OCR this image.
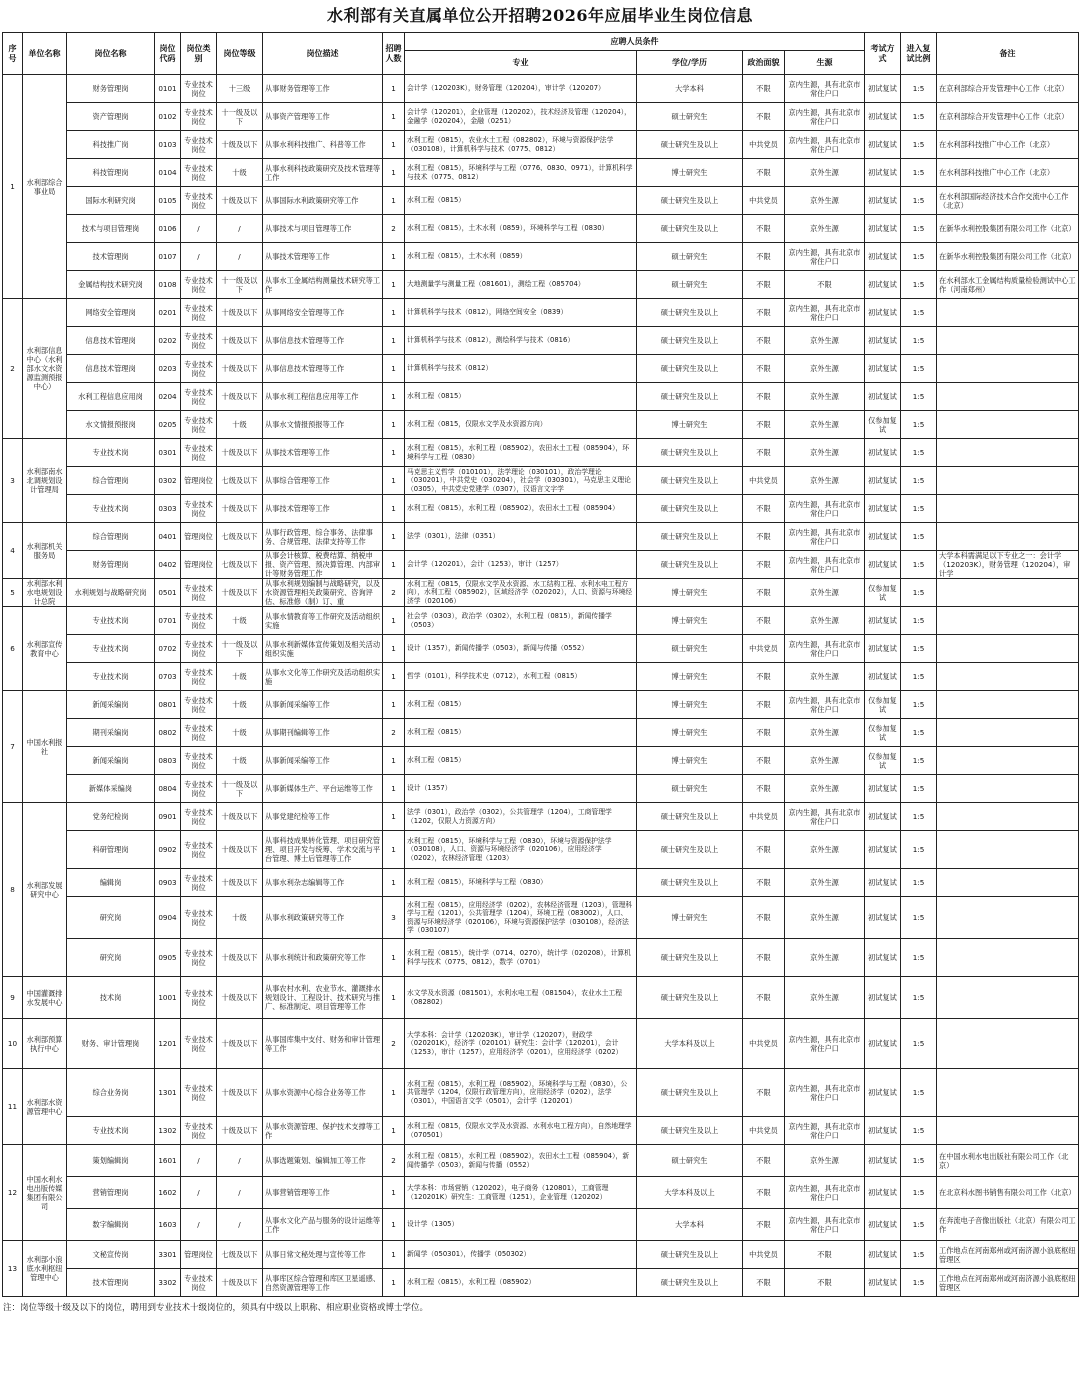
水利部有关直属单位公开招聘2026年应届毕业生岗位信息
序号	单位名称	岗位名称	岗位代码	岗位类别	岗位等级	岗位描述	招聘人数	应聘人员条件				考试方式	进入复试比例	备注
								专业	学位/学历	政治面貌	生源			
1	水利部综合事业局	财务管理岗	0101	专业技术岗位	十三级	从事财务管理等工作	1	会计学（120203K），财务管理（120204），审计学（120207）	大学本科	不限	京内生源，具有北京市常住户口	初试复试	1:5	在京利部综合开发管理中心工作（北京）
		资产管理岗	0102	专业技术岗位	十一级及以下	从事资产管理等工作	1	会计学（120201），企业管理（120202），技术经济及管理（120204），金融学（020204），金融（0251）	硕士研究生	不限	京内生源，具有北京市常住户口	初试复试	1:5	在京利部综合开发管理中心工作（北京）
		科技推广岗	0103	专业技术岗位	十级及以下	从事水利科技推广、科普等工作	1	水利工程（0815），农业水土工程（082802），环境与资源保护法学（030108），计算机科学与技术（0775、0812）	硕士研究生及以上	中共党员	京内生源，具有北京市常住户口	初试复试	1:5	在水利部科技推广中心工作（北京）
		科技管理岗	0104	专业技术岗位	十级	从事水利科技政策研究及技术管理等工作	1	水利工程（0815），环境科学与工程（0776、0830、0971），计算机科学与技术（0775、0812）	博士研究生	不限	京外生源	初试复试	1:5	在水利部科技推广中心工作（北京）
		国际水利研究岗	0105	专业技术岗位	十级及以下	从事国际水利政策研究等工作	1	水利工程（0815）	硕士研究生及以上	中共党员	京外生源	初试复试	1:5	在水利部国际经济技术合作交流中心工作（北京）
		技术与项目管理岗	0106	/	/	从事技术与项目管理等工作	2	水利工程（0815），土木水利（0859），环境科学与工程（0830）	硕士研究生及以上	不限	京外生源	初试复试	1:5	在新华水利控股集团有限公司工作（北京）
		技术管理岗	0107	/	/	从事技术管理等工作	1	水利工程（0815），土木水利（0859）	硕士研究生	不限	京内生源，具有北京市常住户口	初试复试	1:5	在新华水利控股集团有限公司工作（北京）
		金属结构技术研究岗	0108	专业技术岗位	十一级及以下	从事水工金属结构测量技术研究等工作	1	大地测量学与测量工程（081601），测绘工程（085704）	硕士研究生	不限	不限	初试复试	1:5	在水利部水工金属结构质量检验测试中心工作（河南郑州）
2	水利部信息中心（水利部水文水资源监测预报中心）	网络安全管理岗	0201	专业技术岗位	十级及以下	从事网络安全管理等工作	1	计算机科学与技术（0812），网络空间安全（0839）	硕士研究生及以上	不限	京内生源，具有北京市常住户口	初试复试	1:5	
		信息技术管理岗	0202	专业技术岗位	十级及以下	从事信息技术管理等工作	1	计算机科学与技术（0812），测绘科学与技术（0816）	硕士研究生及以上	不限	京外生源	初试复试	1:5	
		信息技术管理岗	0203	专业技术岗位	十级及以下	从事信息技术管理等工作	1	计算机科学与技术（0812）	硕士研究生及以上	不限	京外生源	初试复试	1:5	
		水利工程信息应用岗	0204	专业技术岗位	十级及以下	从事水利工程信息应用等工作	1	水利工程（0815）	硕士研究生及以上	不限	京外生源	初试复试	1:5	
		水文情报预报岗	0205	专业技术岗位	十级	从事水文情报预报等工作	1	水利工程（0815，仅限水文学及水资源方向）	博士研究生	不限	京外生源	仅参加复试	1:5	
3	水利部南水北调规划设计管理局	专业技术岗	0301	专业技术岗位	十级及以下	从事技术管理等工作	1	水利工程（0815），水利工程（085902），农田水土工程（085904），环境科学与工程（0830）	硕士研究生及以上	不限	京外生源	初试复试	1:5	
		综合管理岗	0302	管理岗位	七级及以下	从事综合管理等工作	1	马克思主义哲学（010101），法学理论（030101），政治学理论（030201），中共党史（030204），社会学（030301），马克思主义理论（0305），中共党史党建学（0307），汉语言文字学	硕士研究生及以上	中共党员	京外生源	初试复试	1:5	
		专业技术岗	0303	专业技术岗位	十级及以下	从事技术管理等工作	1	水利工程（0815），水利工程（085902），农田水土工程（085904）	硕士研究生及以上	不限	京内生源，具有北京市常住户口	初试复试	1:5	
4	水利部机关服务局	综合管理岗	0401	管理岗位	七级及以下	从事行政管理、综合事务、法律事务、合规管理、法律支持等工作	1	法学（0301），法律（0351）	硕士研究生及以上	不限	京内生源，具有北京市常住户口	初试复试	1:5	
		财务管理岗	0402	管理岗位	七级及以下	从事会计核算、税费结算、纳税申报、资产管理、预决算管理、内部审计等财务管理工作	1	会计学（120201），会计（1253），审计（1257）	硕士研究生及以上	不限	京内生源，具有北京市常住户口	初试复试	1:5	大学本科需满足以下专业之一：会计学（120203K），财务管理（120204），审计学
5	水利部水利水电规划设计总院	水利规划与战略研究岗	0501	专业技术岗位	十级及以下	从事水利规划编制与战略研究，以及水资源管理相关政策研究、咨询评估、标准修（制）订、重	2	水利工程（0815，仅限水文学及水资源、水工结构工程、水利水电工程方向），水利工程（085902），区域经济学（020202），人口、资源与环境经济学（020106）	博士研究生	不限	京外生源	仅参加复试	1:5	
6	水利部宣传教育中心	专业技术岗	0701	专业技术岗位	十级	从事水情教育等工作研究及活动组织实施	1	社会学（0303），政治学（0302），水利工程（0815），新闻传播学（0503）	博士研究生	不限	京外生源	初试复试	1:5	
		专业技术岗	0702	专业技术岗位	十一级及以下	从事水利新媒体宣传策划及相关活动组织实施	1	设计（1357），新闻传播学（0503），新闻与传播（0552）	硕士研究生	中共党员	京内生源，具有北京市常住户口	初试复试	1:5	
		专业技术岗	0703	专业技术岗位	十级	从事水文化等工作研究及活动组织实施	1	哲学（0101），科学技术史（0712），水利工程（0815）	博士研究生	不限	京外生源	初试复试	1:5	
7	中国水利报社	新闻采编岗	0801	专业技术岗位	十级	从事新闻采编等工作	1	水利工程（0815）	博士研究生	不限	京内生源，具有北京市常住户口	仅参加复试	1:5	
		期刊采编岗	0802	专业技术岗位	十级	从事期刊编辑等工作	2	水利工程（0815）	博士研究生	不限	京外生源	仅参加复试	1:5	
		新闻采编岗	0803	专业技术岗位	十级	从事新闻采编等工作	1	水利工程（0815）	博士研究生	不限	京外生源	仅参加复试	1:5	
		新媒体采编岗	0804	专业技术岗位	十一级及以下	从事新媒体生产、平台运维等工作	1	设计（1357）	硕士研究生	不限	京外生源	初试复试	1:5	
8	水利部发展研究中心	党务纪检岗	0901	专业技术岗位	十级及以下	从事党建纪检等工作	1	法学（0301），政治学（0302），公共管理学（1204），工商管理学（1202，仅限人力资源方向）	硕士研究生及以上	中共党员	京内生源，具有北京市常住户口	初试复试	1:5	
		科研管理岗	0902	专业技术岗位	十级及以下	从事科技成果转化管理、项目研究管理、项目开发与统筹、学术交流与平台管理、博士后管理等工作	1	水利工程（0815），环境科学与工程（0830），环境与资源保护法学（030108），人口、资源与环境经济学（020106），应用经济学（0202），农林经济管理（1203）	硕士研究生及以上	不限	京外生源	初试复试	1:5	
		编辑岗	0903	专业技术岗位	十级及以下	从事水利杂志编辑等工作	1	水利工程（0815），环境科学与工程（0830）	硕士研究生及以上	不限	京外生源	初试复试	1:5	
		研究岗	0904	专业技术岗位	十级	从事水利政策研究等工作	3	水利工程（0815），应用经济学（0202），农林经济管理（1203），管理科学与工程（1201），公共管理学（1204），环境工程（083002），人口、资源与环境经济学（020106），环境与资源保护法学（030108），经济法学（030107）	博士研究生	不限	京外生源	初试复试	1:5	
		研究岗	0905	专业技术岗位	十级及以下	从事水利统计和政策研究等工作	1	水利工程（0815），统计学（0714、0270），统计学（020208），计算机科学与技术（0775、0812），数学（0701）	硕士研究生及以上	不限	京外生源	初试复试	1:5	
9	中国灌溉排水发展中心	技术岗	1001	专业技术岗位	十级及以下	从事农村水利、农业节水、灌溉排水规划设计、工程设计、技术研究与推广、标准制定、项目管理等工作	1	水文学及水资源（081501），水利水电工程（081504），农业水土工程（082802）	硕士研究生及以上	不限	京外生源	初试复试	1:5	
10	水利部预算执行中心	财务、审计管理岗	1201	专业技术岗位	十级及以下	从事国库集中支付、财务和审计管理等工作	2	大学本科：会计学（120203K），审计学（120207），财政学（020201K），经济学（020101）研究生：会计学（120201），会计（1253），审计（1257），应用经济学（0201），应用经济学（0202）	大学本科及以上	中共党员	京内生源，具有北京市常住户口	初试复试	1:5	
11	水利部水资源管理中心	综合业务岗	1301	专业技术岗位	十级及以下	从事水资源中心综合业务等工作	1	水利工程（0815），水利工程（085902），环境科学与工程（0830），公共管理学（1204，仅限行政管理方向），应用经济学（0202），法学（0301），中国语言文学（0501），会计学（120201）	硕士研究生及以上	不限	京内生源，具有北京市常住户口	初试复试	1:5	
		专业技术岗	1302	专业技术岗位	十级及以下	从事水资源管理、保护技术支撑等工作	1	水利工程（0815，仅限水文学及水资源、水利水电工程方向），自然地理学（070501）	硕士研究生及以上	中共党员	京内生源，具有北京市常住户口	初试复试	1:5	
12	中国水利水电出版传媒集团有限公司	策划编辑岗	1601	/	/	从事选题策划、编辑加工等工作	2	水利工程（0815），水利工程（085902），农田水土工程（085904），新闻传播学（0503），新闻与传播（0552）	硕士研究生	不限	京外生源	初试复试	1:5	在中国水利水电出版社有限公司工作（北京）
		营销管理岗	1602	/	/	从事营销管理等工作	1	大学本科：市场营销（120202），电子商务（120801），工商管理（120201K）研究生：工商管理（1251），企业管理（120202）	大学本科及以上	不限	京内生源，具有北京市常住户口	初试复试	1:5	在北京科水图书销售有限公司工作（北京）
		数字编辑岗	1603	/	/	从事水文化产品与服务的设计运维等工作	1	设计学（1305）	大学本科	不限	京内生源，具有北京市常住户口	初试复试	1:5	在奔流电子音像出版社（北京）有限公司工作
13	水利部小浪底水利枢纽管理中心	文秘宣传岗	3301	管理岗位	七级及以下	从事日常文秘处理与宣传等工作	1	新闻学（050301），传播学（050302）	硕士研究生及以上	中共党员	不限	初试复试	1:5	工作地点在河南郑州或河南济源小浪底枢纽管理区
		技术管理岗	3302	专业技术岗位	十级及以下	从事库区综合管理和库区卫星遥感、自然资源管理等工作	1	水利工程（0815），水利工程（085902）	硕士研究生及以上	不限	不限	初试复试	1:5	工作地点在河南郑州或河南济源小浪底枢纽管理区
注：岗位等级十级及以下的岗位，聘用到专业技术十级岗位的，须具有中级以上职称、相应职业资格或博士学位。
